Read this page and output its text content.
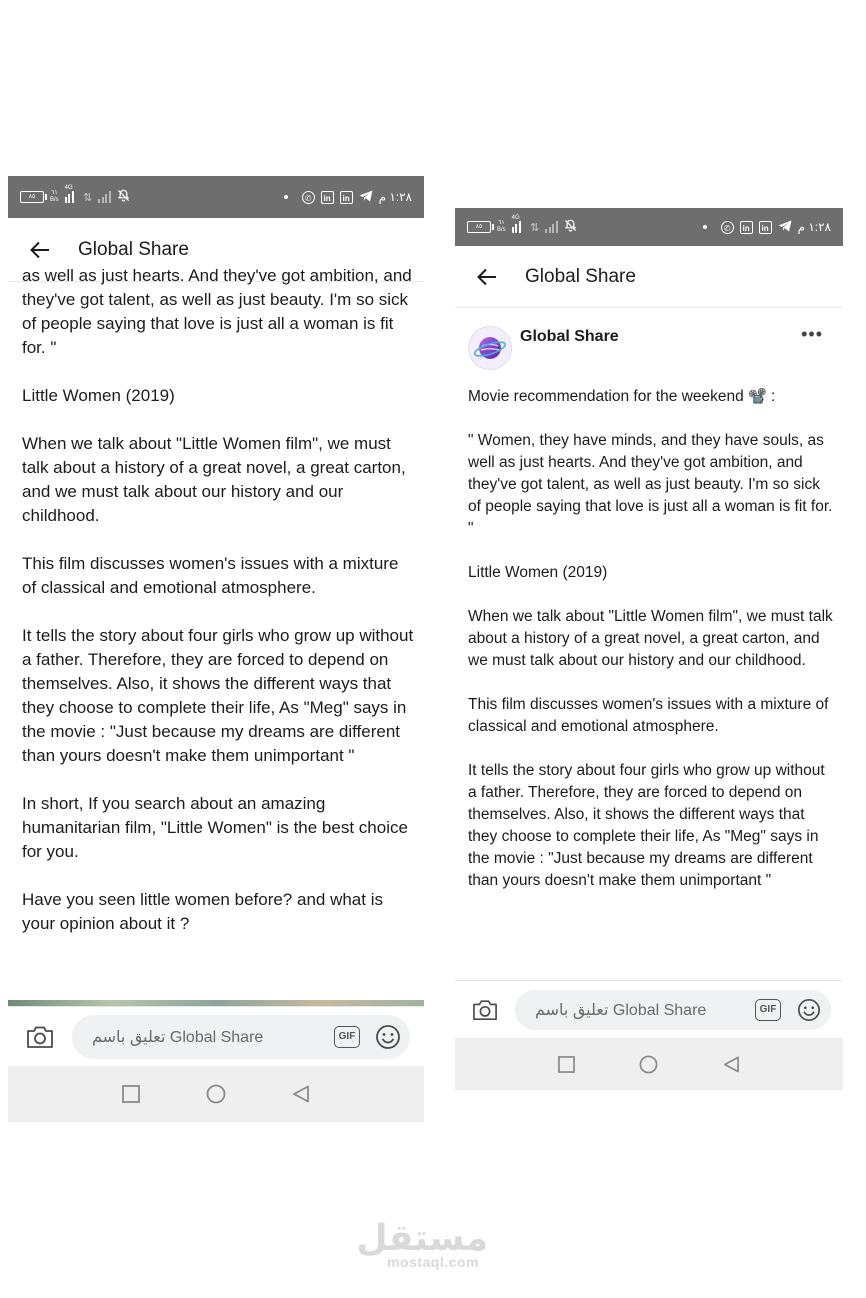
٨٥
٦١
B/s
4G
⇅	✆	in	in ١:٢٨ م
Global Share

as well as just hearts. And they've got ambition, and they've got talent, as well as just beauty. I'm so sick of people saying that love is just all a woman is fit for. "

Little Women (2019)

When we talk about "Little Women film", we must talk about a history of a great novel, a great carton, and we must talk about our history and our childhood.

This film discusses women's issues with a mixture of classical and emotional atmosphere.

It tells the story about four girls who grow up without a father. Therefore, they are forced to depend on themselves. Also, it shows the different ways that they choose to complete their life, As "Meg" says in the movie : "Just because my dreams are different than yours doesn't make them unimportant "

In short, If you search about an amazing humanitarian film, "Little Women" is the best choice for you.

Have you seen little women before? and what is your opinion about it ?

تعليق باسم Global Share	GIF
٨٥
٦١
B/s
4G
⇅	✆	in	in ١:٢٨ م
Global Share
Global Share	•••

Movie recommendation for the weekend 📽️ :

" Women, they have minds, and they have souls, as well as just hearts. And they've got ambition, and they've got talent, as well as just beauty. I'm so sick of people saying that love is just all a woman is fit for. "

Little Women (2019)

When we talk about "Little Women film", we must talk about a history of a great novel, a great carton, and we must talk about our history and our childhood.

This film discusses women's issues with a mixture of classical and emotional atmosphere.

It tells the story about four girls who grow up without a father. Therefore, they are forced to depend on themselves. Also, it shows the different ways that they choose to complete their life, As "Meg" says in the movie : "Just because my dreams are different than yours doesn't make them unimportant "

تعليق باسم Global Share	GIF
مستقل
mostaql.com
